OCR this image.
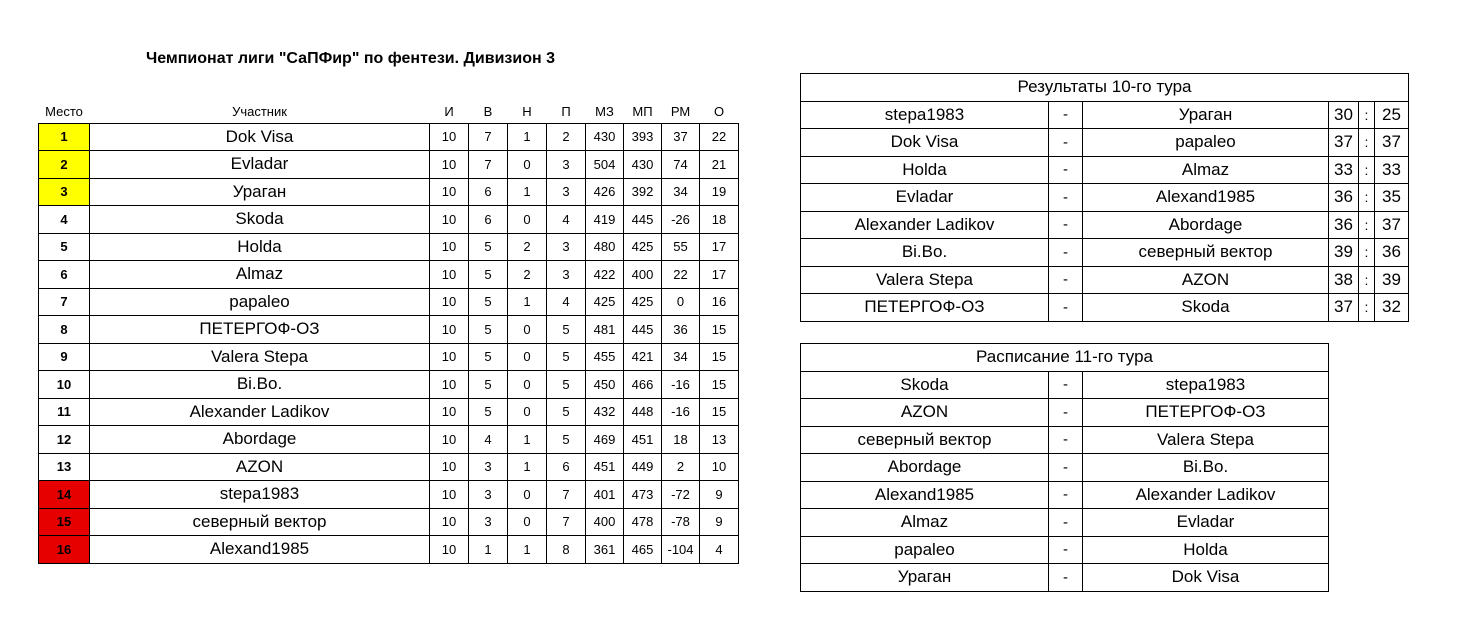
Чемпионат лиги "СаПФир" по фентези. Дивизион 3
Место	Участник	И	В	Н	П	МЗ	МП	РМ	О
1	Dok Visa	10	7	1	2	430	393	37	22
2	Evladar	10	7	0	3	504	430	74	21
3	Ураган	10	6	1	3	426	392	34	19
4	Skoda	10	6	0	4	419	445	-26	18
5	Holda	10	5	2	3	480	425	55	17
6	Almaz	10	5	2	3	422	400	22	17
7	papaleo	10	5	1	4	425	425	0	16
8	ПЕТЕРГОФ-ОЗ	10	5	0	5	481	445	36	15
9	Valera Stepa	10	5	0	5	455	421	34	15
10	Bi.Bo.	10	5	0	5	450	466	-16	15
11	Alexander Ladikov	10	5	0	5	432	448	-16	15
12	Abordage	10	4	1	5	469	451	18	13
13	AZON	10	3	1	6	451	449	2	10
14	stepa1983	10	3	0	7	401	473	-72	9
15	северный вектор	10	3	0	7	400	478	-78	9
16	Alexand1985	10	1	1	8	361	465	-104	4
Результаты 10-го тура					
stepa1983	-	Ураган	30	:	25
Dok Visa	-	papaleo	37	:	37
Holda	-	Almaz	33	:	33
Evladar	-	Alexand1985	36	:	35
Alexander Ladikov	-	Abordage	36	:	37
Bi.Bo.	-	северный вектор	39	:	36
Valera Stepa	-	AZON	38	:	39
ПЕТЕРГОФ-ОЗ	-	Skoda	37	:	32
Расписание 11-го тура		
Skoda	-	stepa1983
AZON	-	ПЕТЕРГОФ-ОЗ
северный вектор	-	Valera Stepa
Abordage	-	Bi.Bo.
Alexand1985	-	Alexander Ladikov
Almaz	-	Evladar
papaleo	-	Holda
Ураган	-	Dok Visa
